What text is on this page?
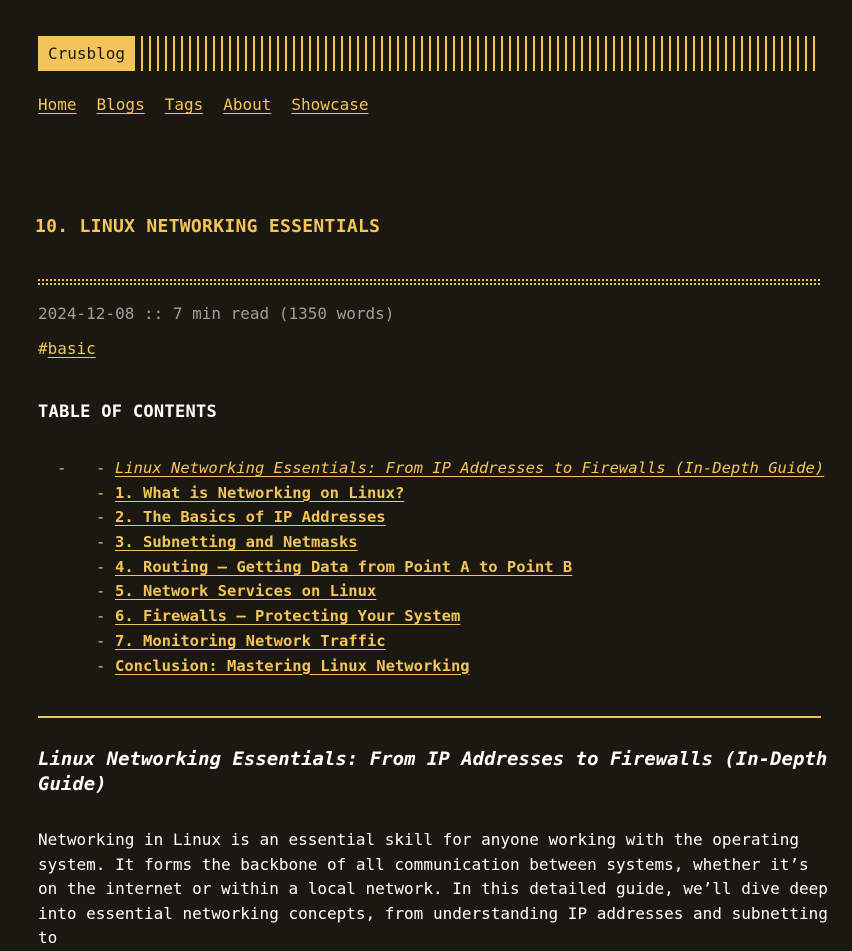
Crusblog
Home Blogs Tags About Showcase
10. LINUX NETWORKING ESSENTIALS
2024-12-08 :: 7 min read (1350 words)
#basic
TABLE OF CONTENTS
- - Linux Networking Essentials: From IP Addresses to Firewalls (In-Depth Guide)
- 1. What is Networking on Linux?
- 2. The Basics of IP Addresses
- 3. Subnetting and Netmasks
- 4. Routing – Getting Data from Point A to Point B
- 5. Network Services on Linux
- 6. Firewalls – Protecting Your System
- 7. Monitoring Network Traffic
- Conclusion: Mastering Linux Networking
Linux Networking Essentials: From IP Addresses to Firewalls (In-Depth Guide)

Networking in Linux is an essential skill for anyone working with the operating system. It forms the backbone of all communication between systems, whether it’s on the internet or within a local network. In this detailed guide, we’ll dive deep into essential networking concepts, from understanding IP addresses and subnetting to
